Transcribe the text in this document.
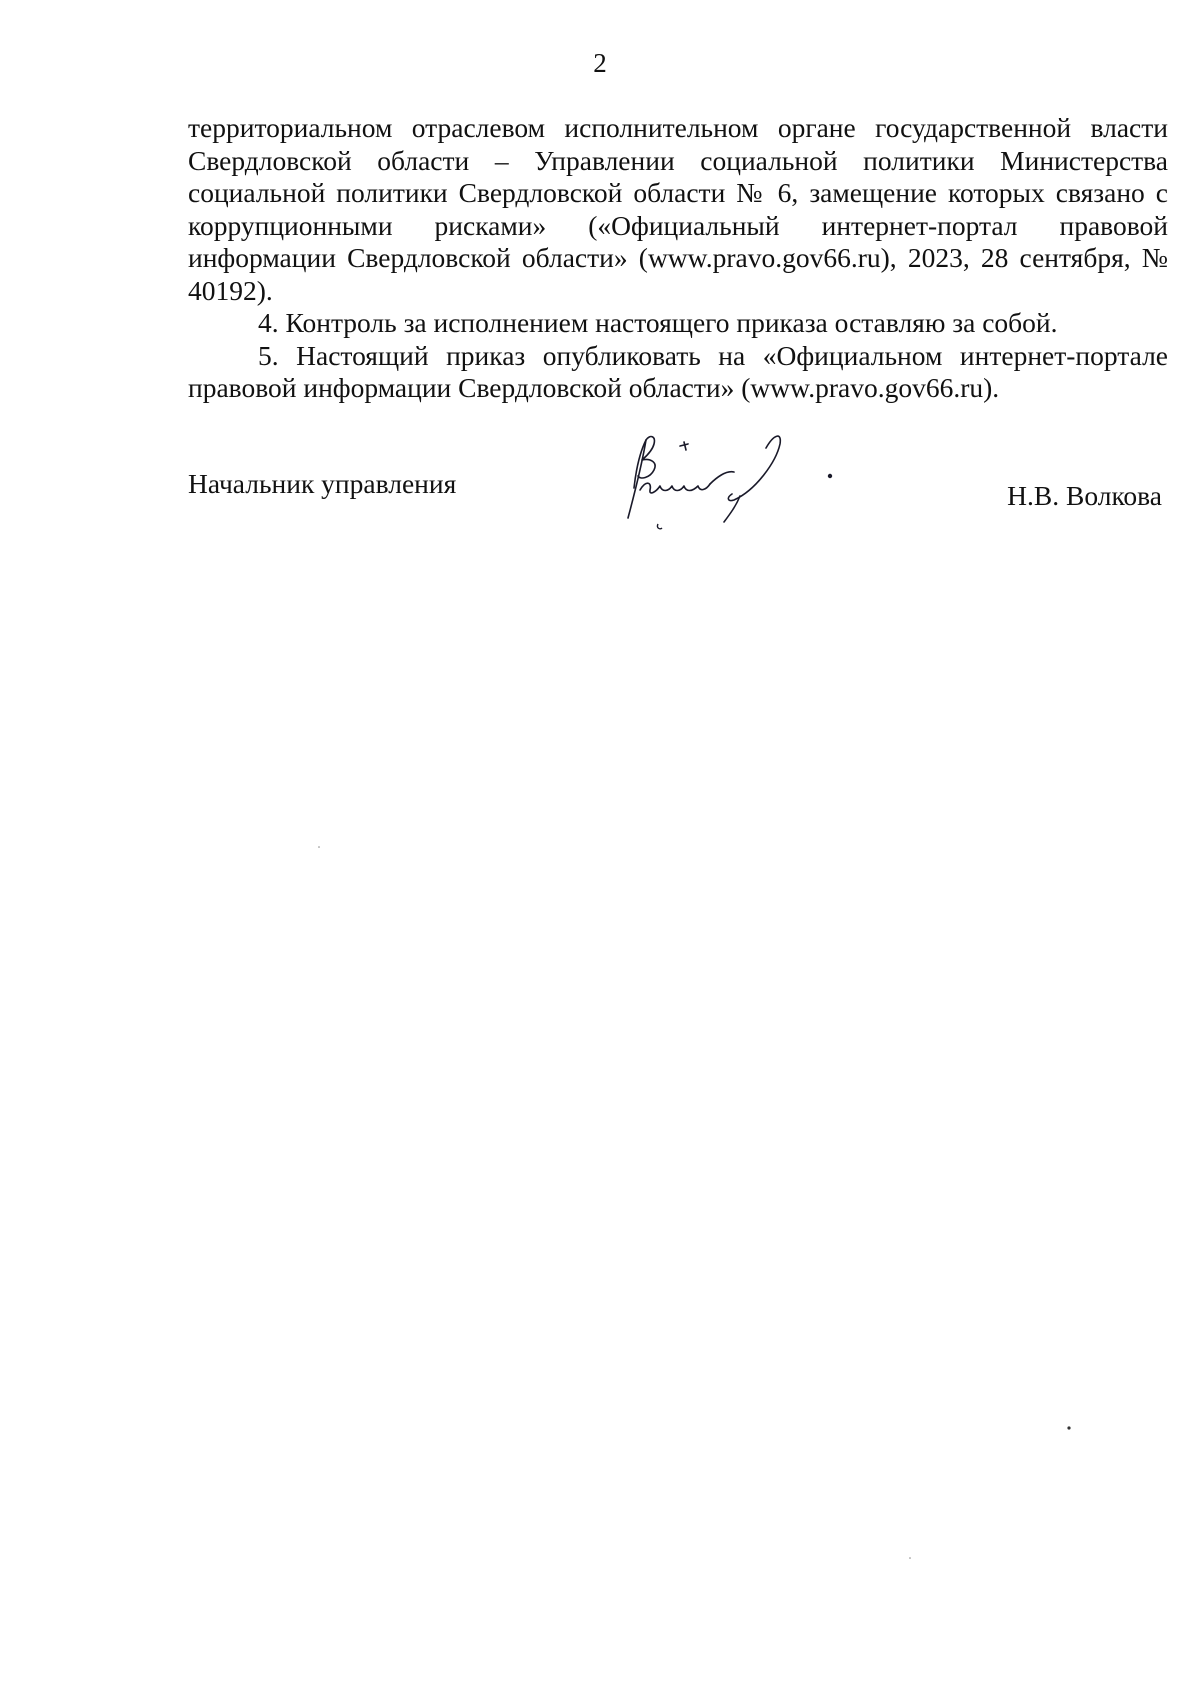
2

территориальном отраслевом исполнительном органе государственной власти Свердловской области – Управлении социальной политики Министерства социальной политики Свердловской области № 6, замещение которых связано с коррупционными рисками» («Официальный интернет-портал правовой информации Свердловской области» (www.pravo.gov66.ru), 2023, 28 сентября, № 40192).

4. Контроль за исполнением настоящего приказа оставляю за собой.

5. Настоящий приказ опубликовать на «Официальном интернет-портале правовой информации Свердловской области» (www.pravo.gov66.ru).

Начальник управления	Н.В. Волкова
